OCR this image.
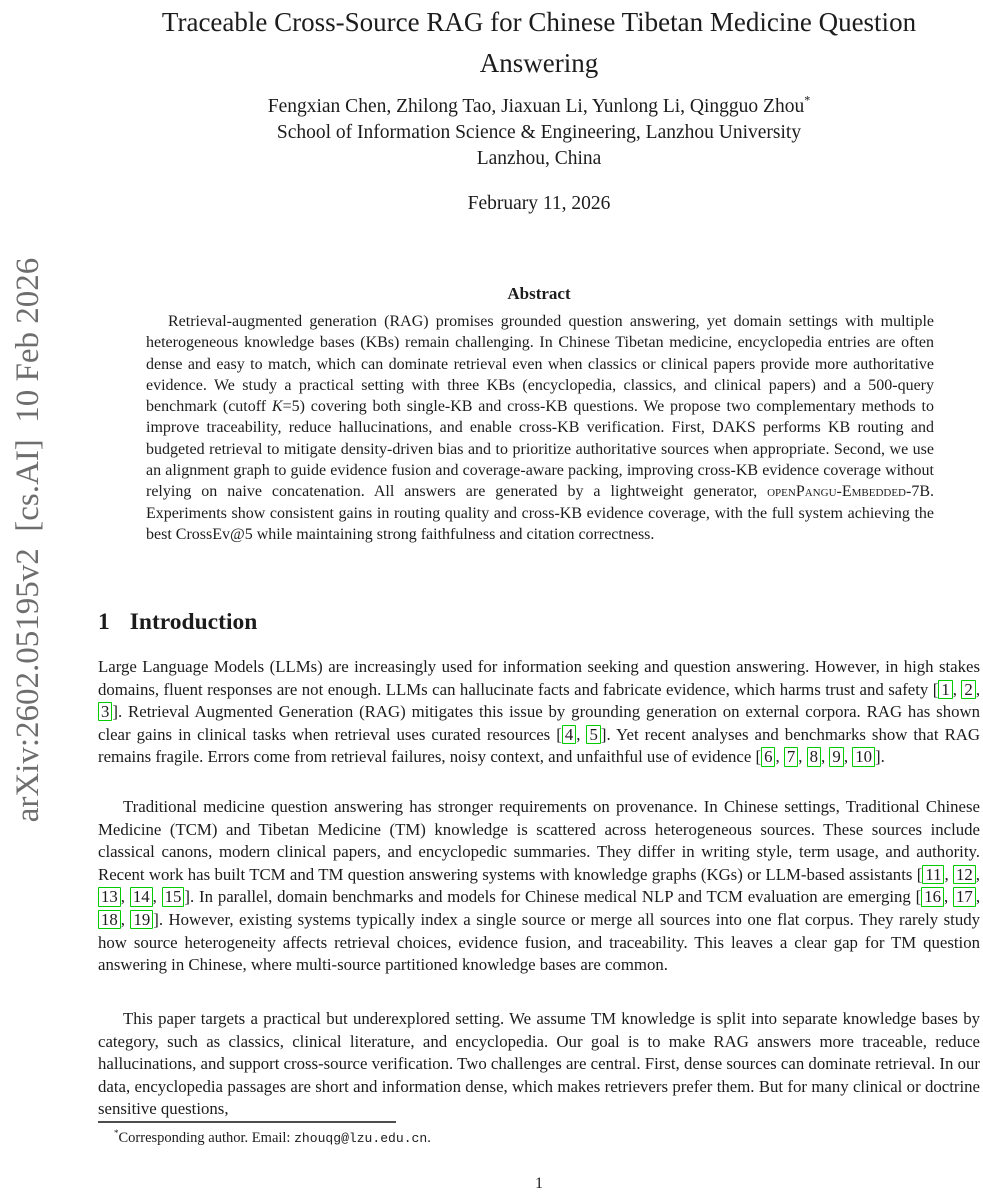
arXiv:2602.05195v2  [cs.AI]  10 Feb 2026
Traceable Cross-Source RAG for Chinese Tibetan Medicine Question Answering
Fengxian Chen, Zhilong Tao, Jiaxuan Li, Yunlong Li, Qingguo Zhou*
School of Information Science & Engineering, Lanzhou University
Lanzhou, China
February 11, 2026
Abstract
Retrieval-augmented generation (RAG) promises grounded question answering, yet domain settings with multiple heterogeneous knowledge bases (KBs) remain challenging. In Chinese Tibetan medicine, encyclopedia entries are often dense and easy to match, which can dominate retrieval even when classics or clinical papers provide more authoritative evidence. We study a practical setting with three KBs (encyclopedia, classics, and clinical papers) and a 500-query benchmark (cutoff K=5) covering both single-KB and cross-KB questions. We propose two complementary methods to improve traceability, reduce hallucinations, and enable cross-KB verification. First, DAKS performs KB routing and budgeted retrieval to mitigate density-driven bias and to prioritize authoritative sources when appropriate. Second, we use an alignment graph to guide evidence fusion and coverage-aware packing, improving cross-KB evidence coverage without relying on naive concatenation. All answers are generated by a lightweight generator, openPangu-Embedded-7B. Experiments show consistent gains in routing quality and cross-KB evidence coverage, with the full system achieving the best CrossEv@5 while maintaining strong faithfulness and citation correctness.
1 Introduction
Large Language Models (LLMs) are increasingly used for information seeking and question answering. However, in high stakes domains, fluent responses are not enough. LLMs can hallucinate facts and fabricate evidence, which harms trust and safety [ 1 , 2 , 3 ]. Retrieval Augmented Generation (RAG) mitigates this issue by grounding generation on external corpora. RAG has shown clear gains in clinical tasks when retrieval uses curated resources [ 4 , 5 ]. Yet recent analyses and benchmarks show that RAG remains fragile. Errors come from retrieval failures, noisy context, and unfaithful use of evidence [ 6 , 7 , 8 , 9 , 10 ].
Traditional medicine question answering has stronger requirements on provenance. In Chinese settings, Traditional Chinese Medicine (TCM) and Tibetan Medicine (TM) knowledge is scattered across heterogeneous sources. These sources include classical canons, modern clinical papers, and encyclopedic summaries. They differ in writing style, term usage, and authority. Recent work has built TCM and TM question answering systems with knowledge graphs (KGs) or LLM-based assistants [ 11 , 12 , 13 , 14 , 15 ]. In parallel, domain benchmarks and models for Chinese medical NLP and TCM evaluation are emerging [ 16 , 17 , 18 , 19 ]. However, existing systems typically index a single source or merge all sources into one flat corpus. They rarely study how source heterogeneity affects retrieval choices, evidence fusion, and traceability. This leaves a clear gap for TM question answering in Chinese, where multi-source partitioned knowledge bases are common.
This paper targets a practical but underexplored setting. We assume TM knowledge is split into separate knowledge bases by category, such as classics, clinical literature, and encyclopedia. Our goal is to make RAG answers more traceable, reduce hallucinations, and support cross-source verification. Two challenges are central. First, dense sources can dominate retrieval. In our data, encyclopedia passages are short and information dense, which makes retrievers prefer them. But for many clinical or doctrine sensitive questions,
*Corresponding author. Email: zhouqg@lzu.edu.cn.
1
